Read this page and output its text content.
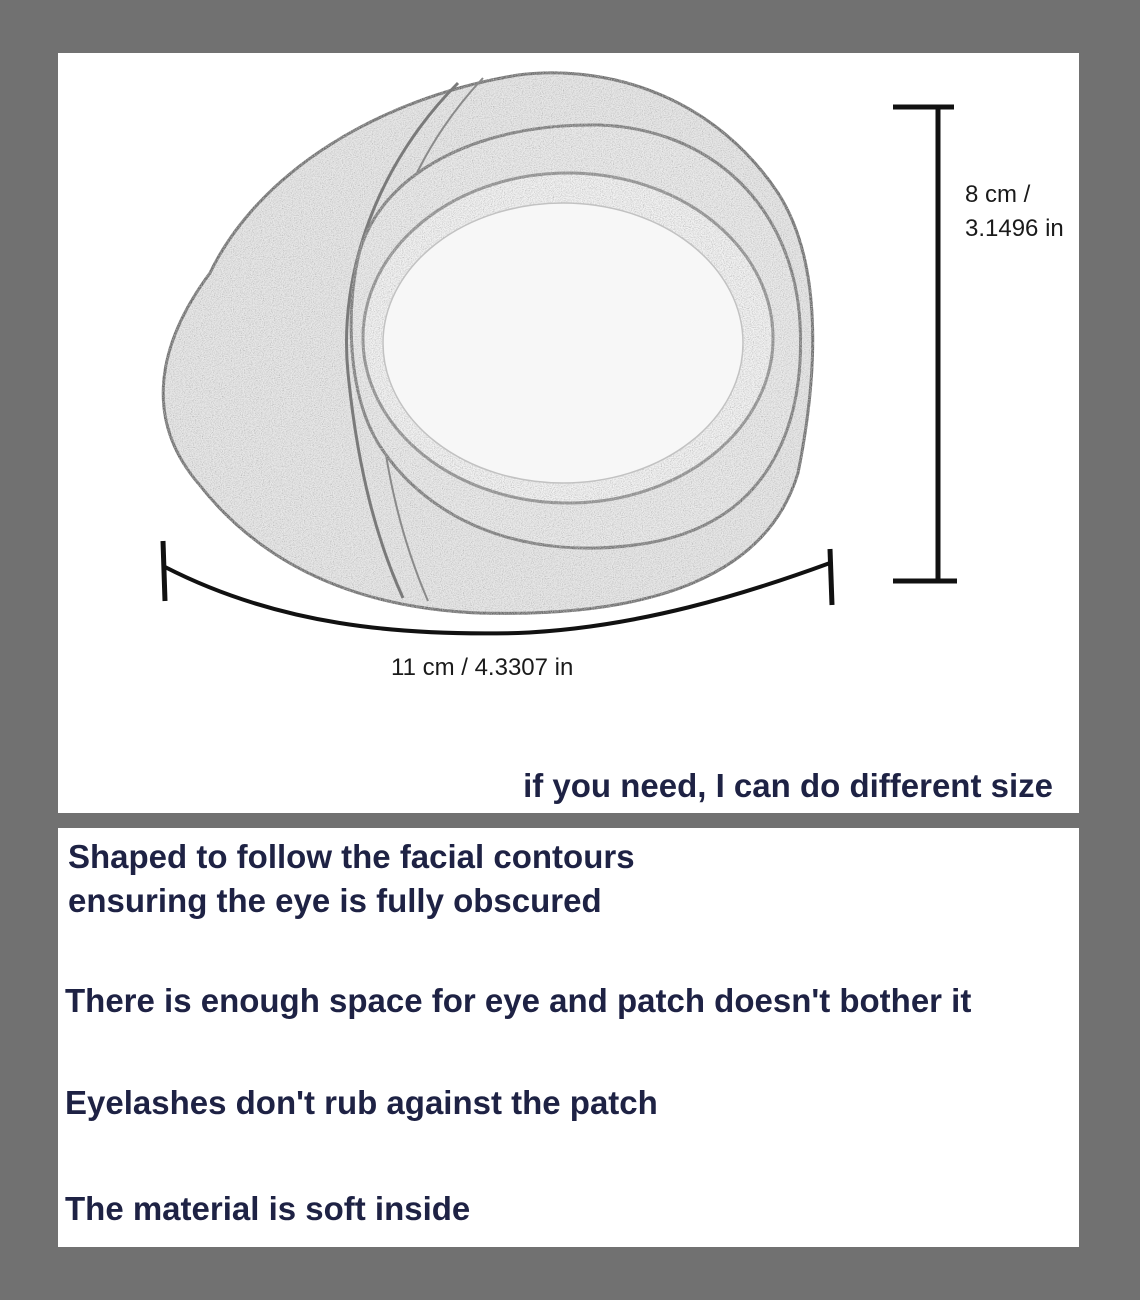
8 cm /
3.1496 in
11 cm / 4.3307 in
if you need, I can do different size
Shaped to follow the facial contours
ensuring the eye is fully obscured
There is enough space for eye and patch doesn't bother it
Eyelashes don't rub against the patch
The material is soft inside
